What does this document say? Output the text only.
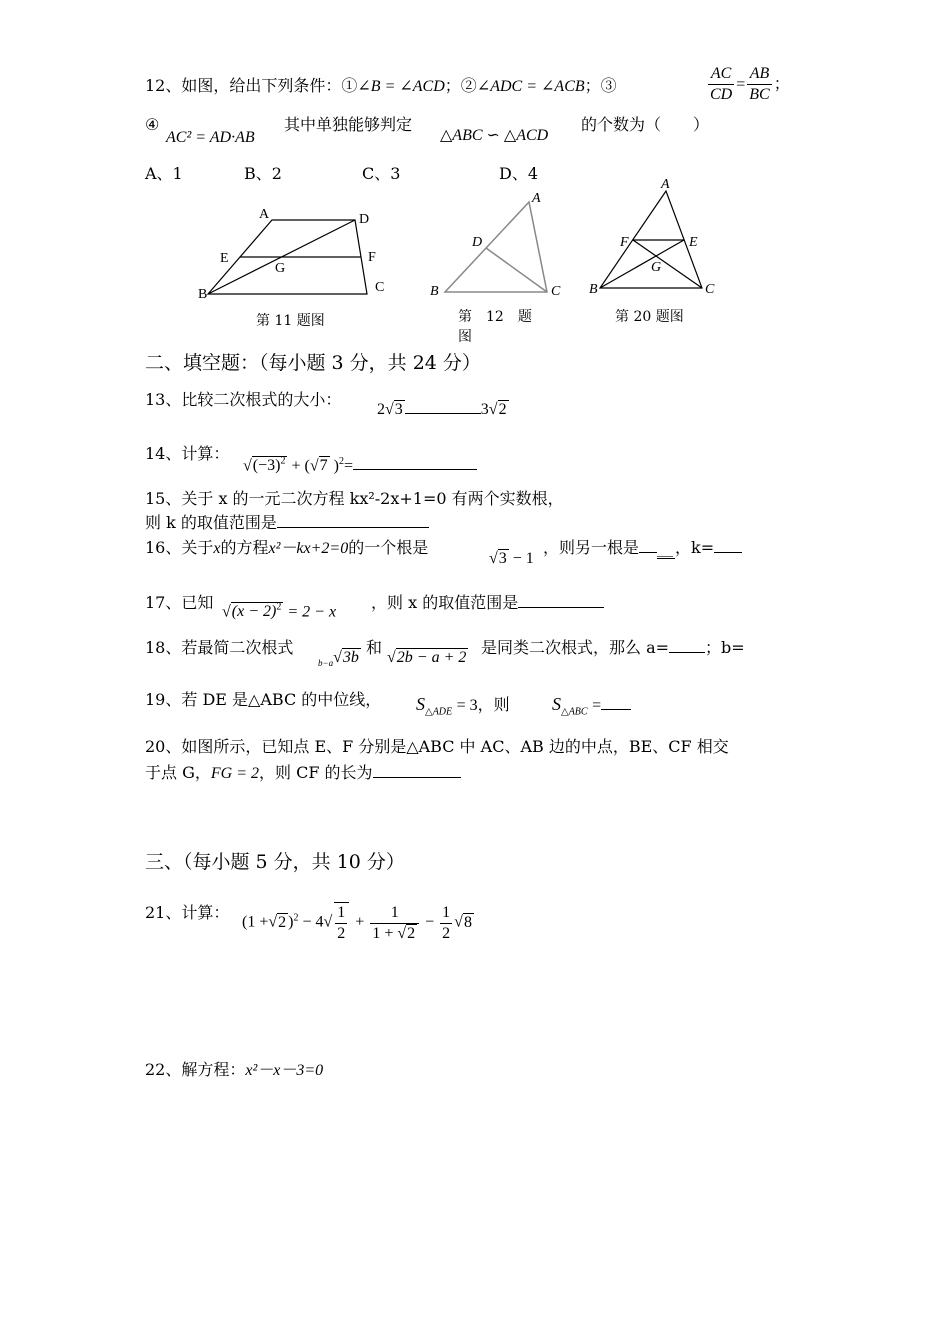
12、如图，给出下列条件：①∠B = ∠ACD；②∠ADC = ∠ACB；③	$\frac{AC}{CD} = \frac{AB}{BC}$ ；
④
AC² = AD·AB
其中单独能够判定
△ABC ∽ △ACD
的个数为（　　）
A、1	B、2	C、3	D、4
A	D
E	F
G
B	C
第 11 题图
A
D
B	C
第　12　题
图
A
F	E
G
B	C
第 20 题图
二、填空题：（每小题 3 分，共 24 分）
13、比较二次根式的大小：
2√3	3√2
14、计算：
$√(-3)^2 + (√7$ )$^2$=
15、关于 x 的一元二次方程 kx²-2x+1=0 有两个实数根，
则 k 的取值范围是
16、关于x的方程x²－kx+2=0的一个根是
√3 − 1
，则另一根是 __ ，k=
17、已知 $√(x - 2)^2 = 2 - x$ ，则 x 的取值范围是
18、若最简二次根式
$_{b-a}$√3b
和
√2b − a + 2
是同类二次根式，那么 a= ；b=
19、若 DE 是△ABC 的中位线， $S_{\triangle ADE} = 3$，则 $S_{\triangle ABC}$ =
20、如图所示，已知点 E、F 分别是△ABC 中 AC、AB 边的中点，BE、CF 相交
于点 G，FG = 2，则 CF 的长为
三、（每小题 5 分，共 10 分）
21、计算：
(1 +√2 )$^2 - 4√ \frac{1}{2} + \frac{1}{1 + √2} - \frac{1}{2} √8$
22、解方程：x²－x－3=0
